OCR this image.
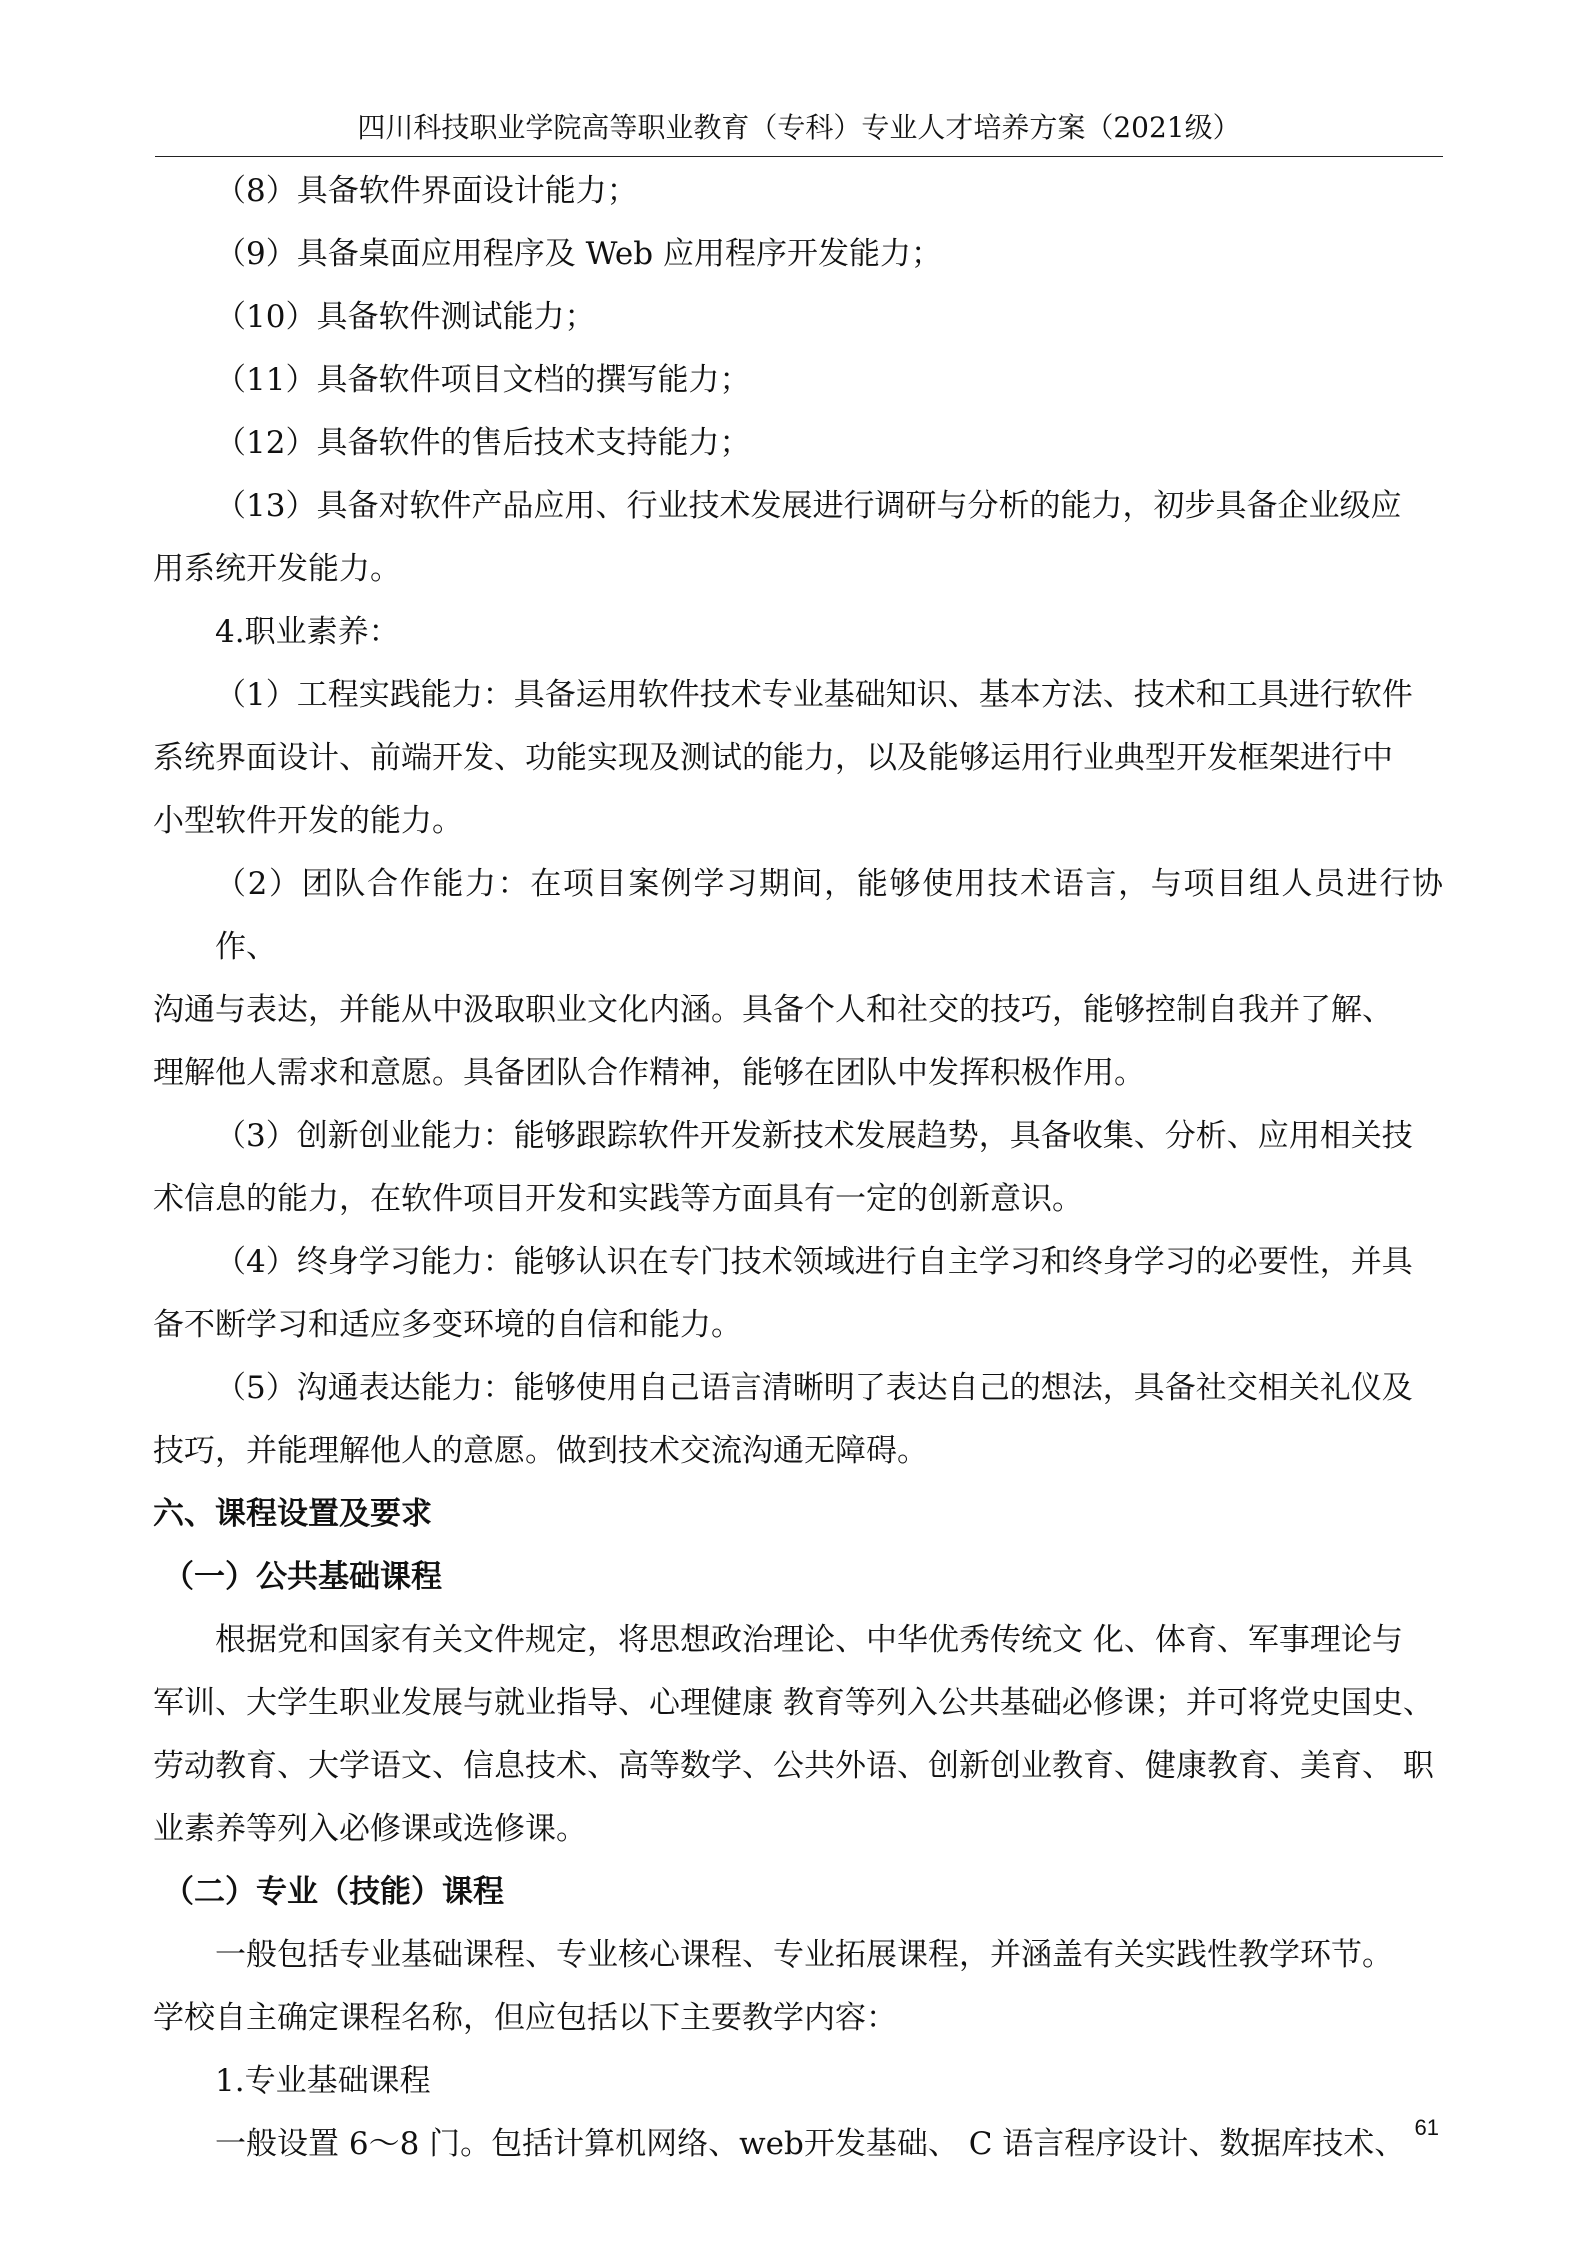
四川科技职业学院高等职业教育（专科）专业人才培养方案（2021级）

（8）具备软件界面设计能力；

（9）具备桌面应用程序及 Web 应用程序开发能力；

（10）具备软件测试能力；

（11）具备软件项目文档的撰写能力；

（12）具备软件的售后技术支持能力；

（13）具备对软件产品应用、行业技术发展进行调研与分析的能力，初步具备企业级应

用系统开发能力。

4.职业素养：

（1）工程实践能力：具备运用软件技术专业基础知识、基本方法、技术和工具进行软件

系统界面设计、前端开发、功能实现及测试的能力，以及能够运用行业典型开发框架进行中

小型软件开发的能力。

（2）团队合作能力：在项目案例学习期间，能够使用技术语言，与项目组人员进行协作、

沟通与表达，并能从中汲取职业文化内涵。具备个人和社交的技巧，能够控制自我并了解、

理解他人需求和意愿。具备团队合作精神，能够在团队中发挥积极作用。

（3）创新创业能力：能够跟踪软件开发新技术发展趋势，具备收集、分析、应用相关技

术信息的能力，在软件项目开发和实践等方面具有一定的创新意识。

（4）终身学习能力：能够认识在专门技术领域进行自主学习和终身学习的必要性，并具

备不断学习和适应多变环境的自信和能力。

（5）沟通表达能力：能够使用自己语言清晰明了表达自己的想法，具备社交相关礼仪及

技巧，并能理解他人的意愿。做到技术交流沟通无障碍。

六、课程设置及要求

（一）公共基础课程

根据党和国家有关文件规定，将思想政治理论、中华优秀传统文 化、体育、军事理论与

军训、大学生职业发展与就业指导、心理健康 教育等列入公共基础必修课；并可将党史国史、

劳动教育、大学语文、信息技术、高等数学、公共外语、创新创业教育、健康教育、美育、 职

业素养等列入必修课或选修课。

（二）专业（技能）课程

一般包括专业基础课程、专业核心课程、专业拓展课程，并涵盖有关实践性教学环节。

学校自主确定课程名称，但应包括以下主要教学内容：

1.专业基础课程

一般设置 6～8 门。包括计算机网络、web开发基础、 C 语言程序设计、数据库技术、 61
